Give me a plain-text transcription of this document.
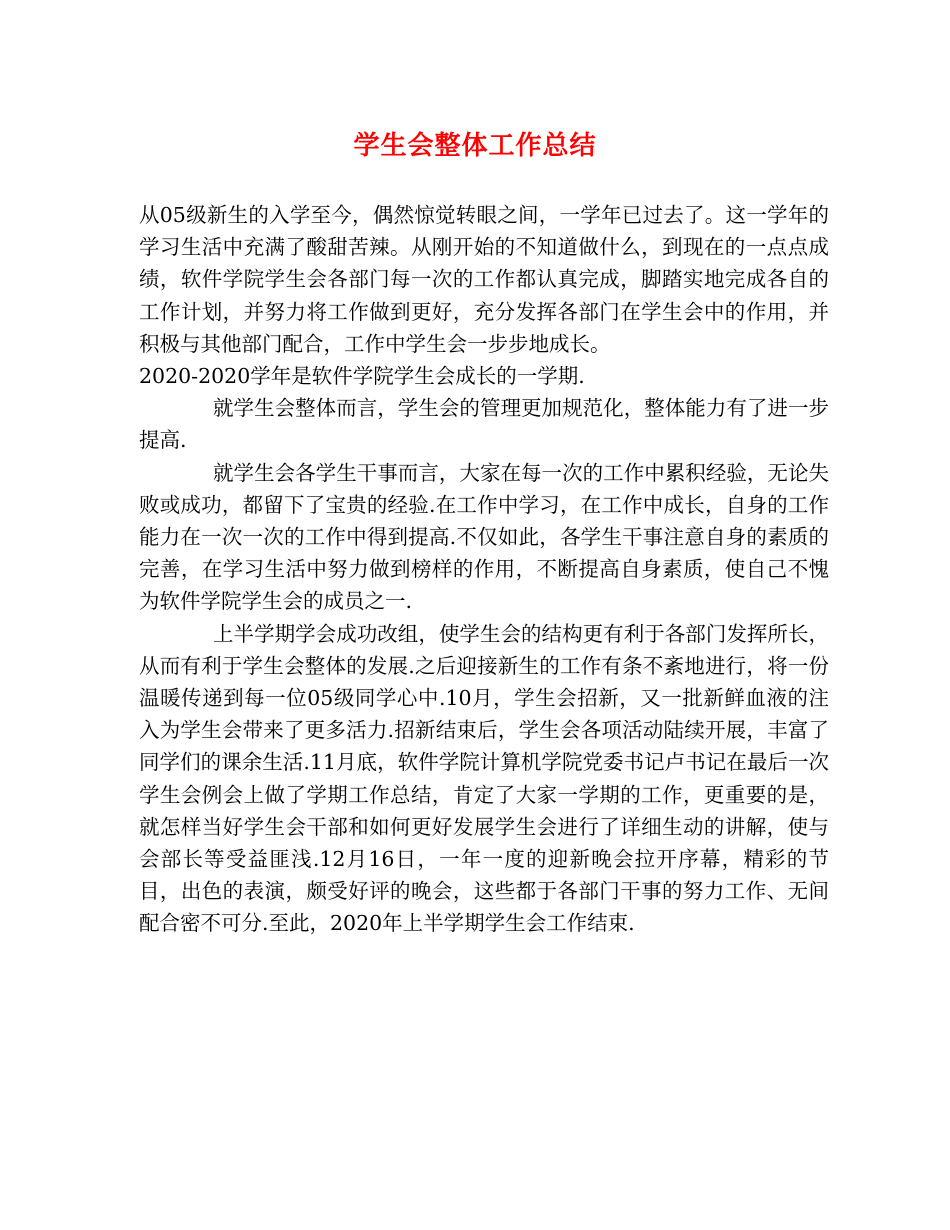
学生会整体工作总结

从05级新生的入学至今，偶然惊觉转眼之间，一学年已过去了。这一学年的学习生活中充满了酸甜苦辣。从刚开始的不知道做什么，到现在的一点点成绩，软件学院学生会各部门每一次的工作都认真完成，脚踏实地完成各自的工作计划，并努力将工作做到更好，充分发挥各部门在学生会中的作用，并积极与其他部门配合，工作中学生会一步步地成长。

2020-2020学年是软件学院学生会成长的一学期.

就学生会整体而言，学生会的管理更加规范化，整体能力有了进一步提高.

就学生会各学生干事而言，大家在每一次的工作中累积经验，无论失败或成功，都留下了宝贵的经验.在工作中学习，在工作中成长，自身的工作能力在一次一次的工作中得到提高.不仅如此，各学生干事注意自身的素质的完善，在学习生活中努力做到榜样的作用，不断提高自身素质，使自己不愧为软件学院学生会的成员之一.

上半学期学会成功改组，使学生会的结构更有利于各部门发挥所长，从而有利于学生会整体的发展.之后迎接新生的工作有条不紊地进行，将一份温暖传递到每一位05级同学心中.10月，学生会招新，又一批新鲜血液的注入为学生会带来了更多活力.招新结束后，学生会各项活动陆续开展，丰富了同学们的课余生活.11月底，软件学院计算机学院党委书记卢书记在最后一次学生会例会上做了学期工作总结，肯定了大家一学期的工作，更重要的是，就怎样当好学生会干部和如何更好发展学生会进行了详细生动的讲解，使与会部长等受益匪浅.12月16日，一年一度的迎新晚会拉开序幕，精彩的节目，出色的表演，颇受好评的晚会，这些都于各部门干事的努力工作、无间配合密不可分.至此，2020年上半学期学生会工作结束.
